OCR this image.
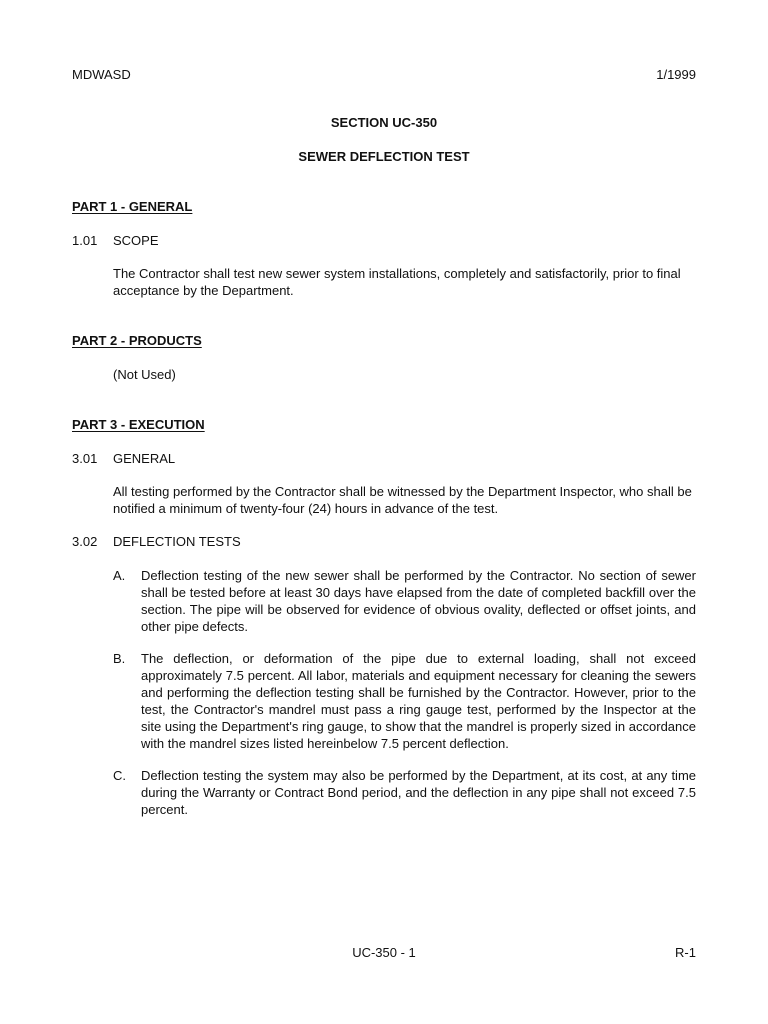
MDWASD	1/1999
SECTION UC-350
SEWER DEFLECTION TEST
PART 1 - GENERAL
1.01 SCOPE
The Contractor shall test new sewer system installations, completely and satisfactorily, prior to final acceptance by the Department.
PART 2 - PRODUCTS
(Not Used)
PART 3 - EXECUTION
3.01 GENERAL
All testing performed by the Contractor shall be witnessed by the Department Inspector, who shall be notified a minimum of twenty-four (24) hours in advance of the test.
3.02 DEFLECTION TESTS
A. Deflection testing of the new sewer shall be performed by the Contractor. No section of sewer shall be tested before at least 30 days have elapsed from the date of completed backfill over the section. The pipe will be observed for evidence of obvious ovality, deflected or offset joints, and other pipe defects.
B. The deflection, or deformation of the pipe due to external loading, shall not exceed approximately 7.5 percent. All labor, materials and equipment necessary for cleaning the sewers and performing the deflection testing shall be furnished by the Contractor. However, prior to the test, the Contractor's mandrel must pass a ring gauge test, performed by the Inspector at the site using the Department's ring gauge, to show that the mandrel is properly sized in accordance with the mandrel sizes listed hereinbelow 7.5 percent deflection.
C. Deflection testing the system may also be performed by the Department, at its cost, at any time during the Warranty or Contract Bond period, and the deflection in any pipe shall not exceed 7.5 percent.
UC-350 - 1	R-1
